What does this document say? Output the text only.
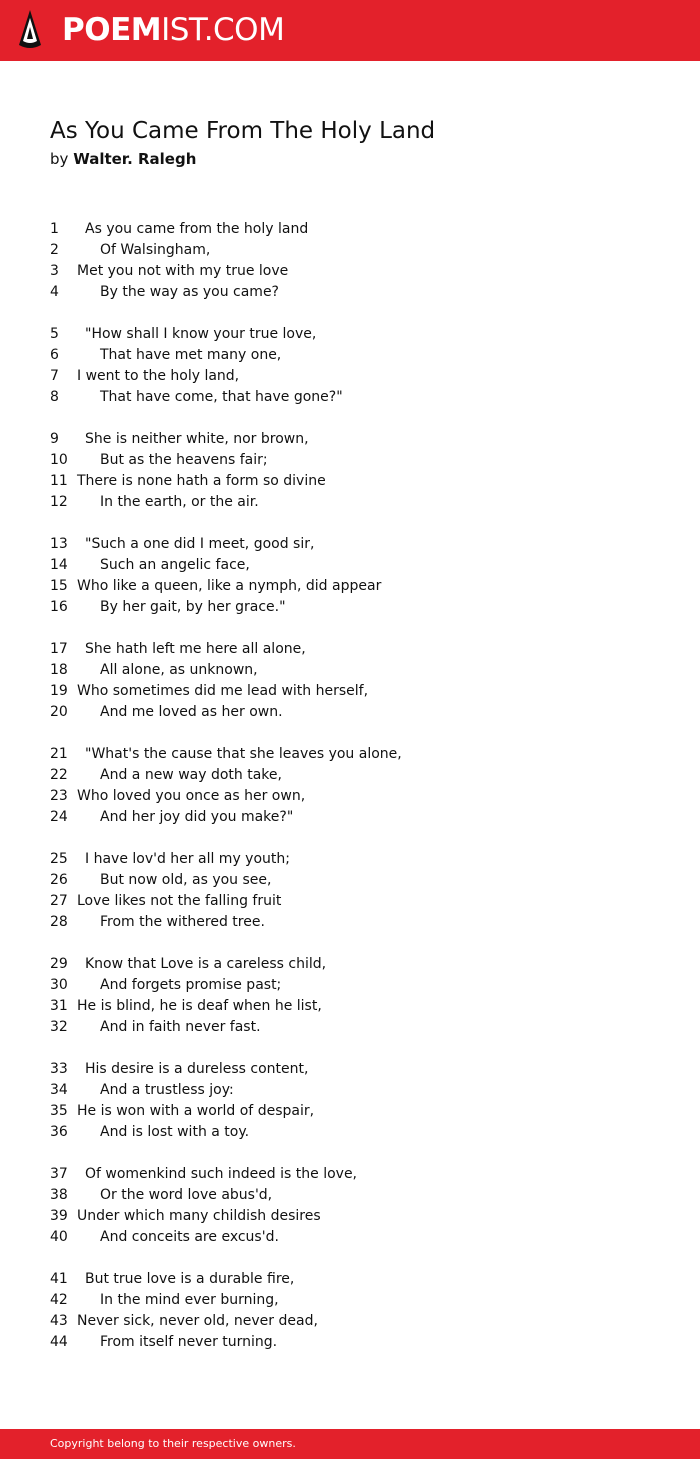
POEMIST.COM
As You Came From The Holy Land
by Walter. Ralegh
1 As you came from the holy land
2	Of Walsingham,
3 Met you not with my true love
4	By the way as you came?
5 "How shall I know your true love,
6	That have met many one,
7 I went to the holy land,
8	That have come, that have gone?"
9 She is neither white, nor brown,
10 But as the heavens fair;
11 There is none hath a form so divine
12 In the earth, or the air.
13 "Such a one did I meet, good sir,
14 Such an angelic face,
15 Who like a queen, like a nymph, did appear
16 By her gait, by her grace."
17 She hath left me here all alone,
18 All alone, as unknown,
19 Who sometimes did me lead with herself,
20 And me loved as her own.
21 "What's the cause that she leaves you alone,
22 And a new way doth take,
23 Who loved you once as her own,
24 And her joy did you make?"
25 I have lov'd her all my youth;
26 But now old, as you see,
27 Love likes not the falling fruit
28 From the withered tree.
29 Know that Love is a careless child,
30 And forgets promise past;
31 He is blind, he is deaf when he list,
32 And in faith never fast.
33 His desire is a dureless content,
34 And a trustless joy:
35 He is won with a world of despair,
36 And is lost with a toy.
37 Of womenkind such indeed is the love,
38 Or the word love abus'd,
39 Under which many childish desires
40 And conceits are excus'd.
41 But true love is a durable fire,
42 In the mind ever burning,
43 Never sick, never old, never dead,
44 From itself never turning.
Copyright belong to their respective owners.
